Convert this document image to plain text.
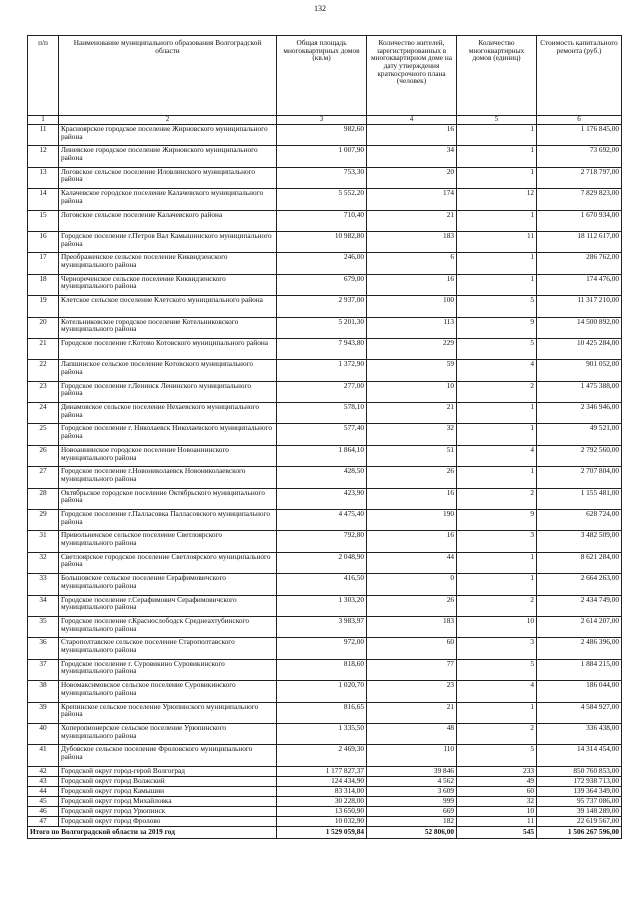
132
п/п	Наименование муниципального образования Волгоградской области	Общая площадь многоквартирных домов (кв.м)	Количество жителей, зарегистрированных в многоквартирном доме на дату утверждения краткосрочного плана (человек)	Количество многоквартирных домов (единиц)	Стоимость капитального ремонта (руб.)
1	2	3	4	5	6
11	Красноярское городское поселение Жирновского муниципального района	982,60	16	1	1 176 845,00
12	Линевское городское поселение Жирновского муниципального района	1 007,90	34	1	73 692,00
13	Логовское сельское поселение Иловлинского муниципального района	753,30	20	1	2 718 797,00
14	Калачевское городское поселение Калачевского муниципального района	5 552,20	174	12	7 829 823,00
15	Логовское сельское поселение Калачевского района	710,40	21	1	1 670 934,00
16	Городское поселение г.Петров Вал Камышинского муниципального района	10 982,80	183	11	18 112 617,00
17	Преображенское сельское поселение Киквидзенского муниципального района	246,00	6	1	286 762,00
18	Чернореченское сельское поселение Киквидзенского муниципального района	679,00	16	1	174 476,00
19	Клетское сельское поселение Клетского муниципального района	2 937,00	100	5	11 317 210,00
20	Котельниковское городское поселение Котельниковского муниципального района	5 201,30	113	9	14 500 892,00
21	Городское поселение г.Котово Котовского муниципального района	7 943,80	229	5	10 425 284,00
22	Лапшинское сельское поселение Котовского муниципального района	1 372,90	59	4	901 052,00
23	Городское поселение г.Ленинск Ленинского муниципального района	277,00	10	2	1 475 388,00
24	Динамовское сельское поселение Нехаевского муниципального района	578,10	21	1	2 346 946,00
25	Городское поселение г. Николаевск Николаевского муниципального района	577,40	32	1	49 521,00
26	Новоаннинское городское поселение Новоаннинского муниципального района	1 864,10	51	4	2 792 560,00
27	Городское поселение г.Новониколаевск Новониколаевского муниципального района	428,50	26	1	2 707 804,00
28	Октябрьское городское поселение Октябрьского муниципального района	423,90	16	2	1 155 481,00
29	Городское поселение г.Палласовка Палласовского муниципального района	4 475,40	190	9	628 724,00
31	Привольненское сельское поселение Светлоярского муниципального района	792,80	16	3	3 482 509,00
32	Светлоярское городское поселение Светлоярского муниципального района	2 048,90	44	1	8 621 284,00
33	Большовское сельское поселение Серафимовичского муниципального района	416,50	0	1	2 664 263,00
34	Городское поселение г.Серафимович Серафимовичского муниципального района	1 303,20	26	2	2 434 749,00
35	Городское поселение г.Краснослободск Среднеахтубинского муниципального района	3 983,97	183	10	2 614 207,00
36	Старополтавское сельское поселение Старополтавского муниципального района	972,00	60	3	2 486 396,00
37	Городское поселение г. Суровикино Суровикинского муниципального района	818,60	77	5	1 884 215,00
38	Новомаксимовское сельское поселение Суровикинского муниципального района	1 020,70	23	4	186 044,00
39	Крепинское сельское поселение Урюпинского муниципального района	816,65	21	1	4 584 927,00
40	Хоперопионерское сельское поселение Урюпинского муниципального района	1 335,50	48	2	336 438,00
41	Дубовское сельское поселение Фроловского муниципального района	2 469,30	110	5	14 314 454,00
42	Городской округ город-герой Волгоград	1 177 827,37	39 846	233	850 760 853,00
43	Городской округ город Волжский	124 434,90	4 562	49	172 938 713,00
44	Городской округ город Камышин	83 314,00	3 609	60	139 364 349,00
45	Городской округ город Михайловка	30 228,00	999	32	95 737 086,00
46	Городской округ город Урюпинск	13 650,90	669	10	39 148 289,00
47	Городской округ город Фролово	10 032,90	182	11	22 619 567,00
Итого по Волгоградской области за 2019 год		1 529 059,84	52 806,00	545	1 506 267 596,00
